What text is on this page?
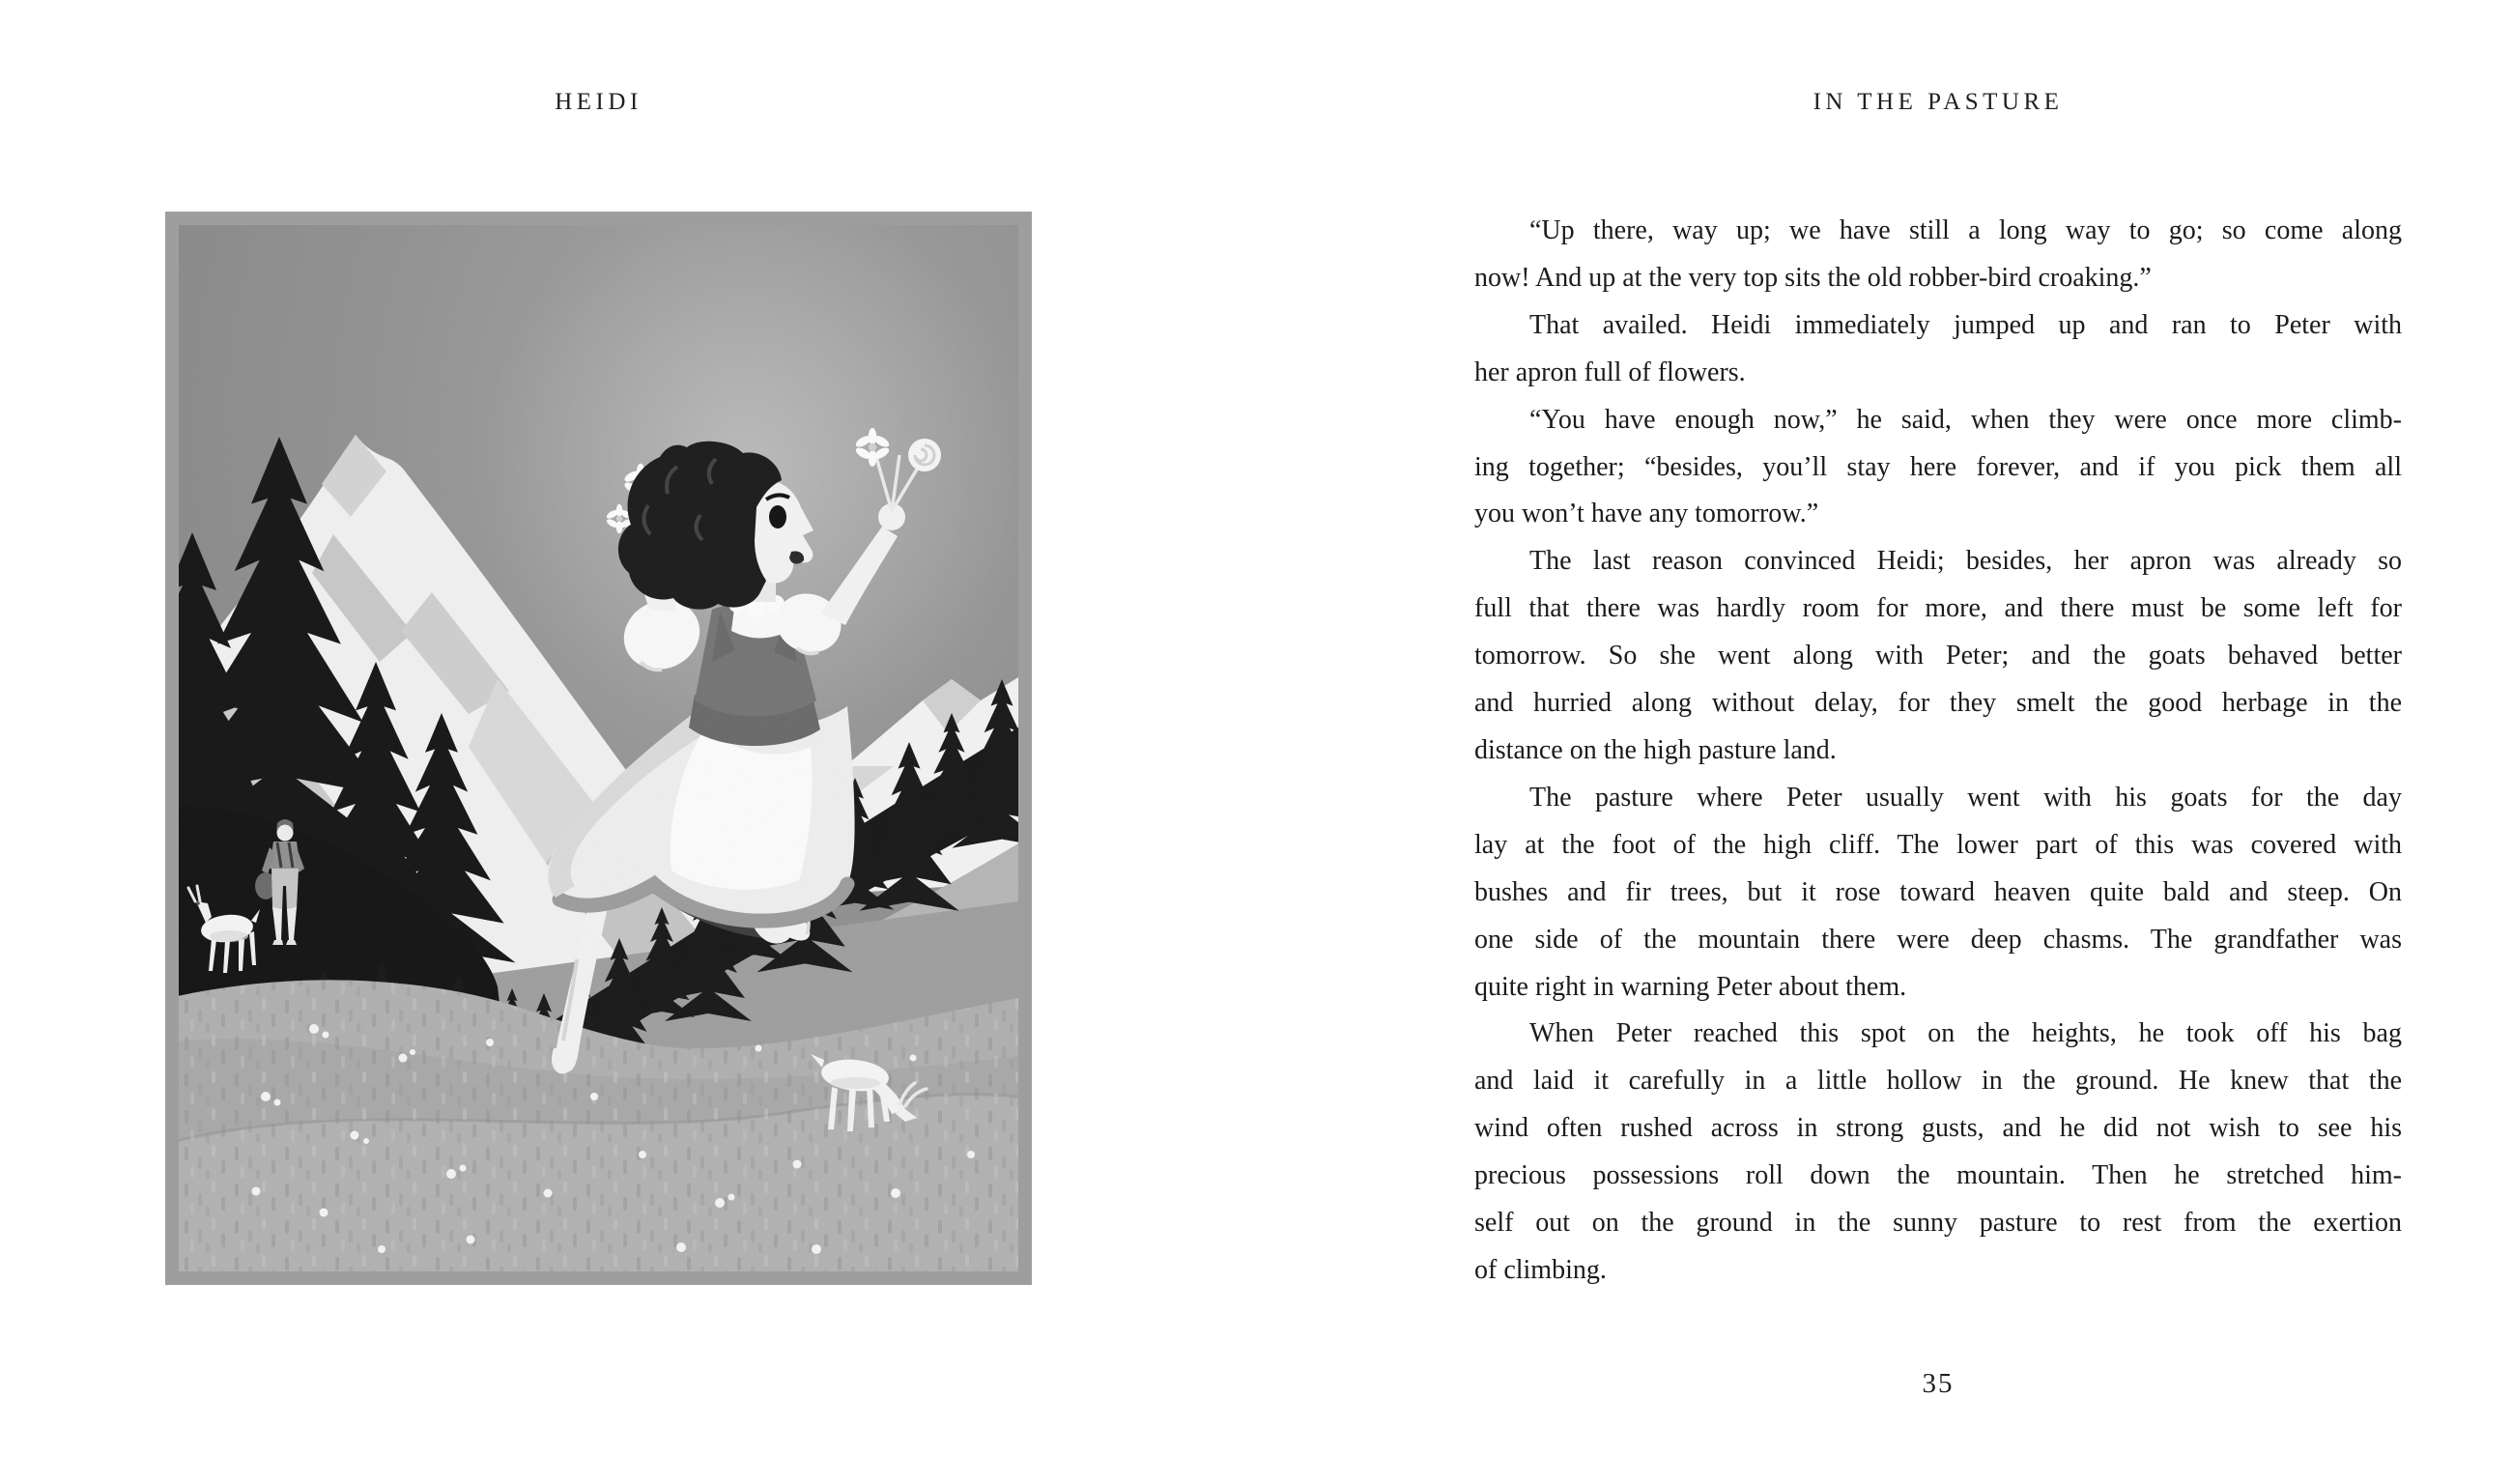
HEIDI	IN THE PASTURE
“Up there, way up; we have still a long way to go; so come along
now! And up at the very top sits the old robber-bird croaking.”
That availed. Heidi immediately jumped up and ran to Peter with
her apron full of flowers.
“You have enough now,” he said, when they were once more climb-
ing together; “besides, you’ll stay here forever, and if you pick them all
you won’t have any tomorrow.”
The last reason convinced Heidi; besides, her apron was already so
full that there was hardly room for more, and there must be some left for
tomorrow. So she went along with Peter; and the goats behaved better
and hurried along without delay, for they smelt the good herbage in the
distance on the high pasture land.
The pasture where Peter usually went with his goats for the day
lay at the foot of the high cliff. The lower part of this was covered with
bushes and fir trees, but it rose toward heaven quite bald and steep. On
one side of the mountain there were deep chasms. The grandfather was
quite right in warning Peter about them.
When Peter reached this spot on the heights, he took off his bag
and laid it carefully in a little hollow in the ground. He knew that the
wind often rushed across in strong gusts, and he did not wish to see his
precious possessions roll down the mountain. Then he stretched him-
self out on the ground in the sunny pasture to rest from the exertion
of climbing.
35
